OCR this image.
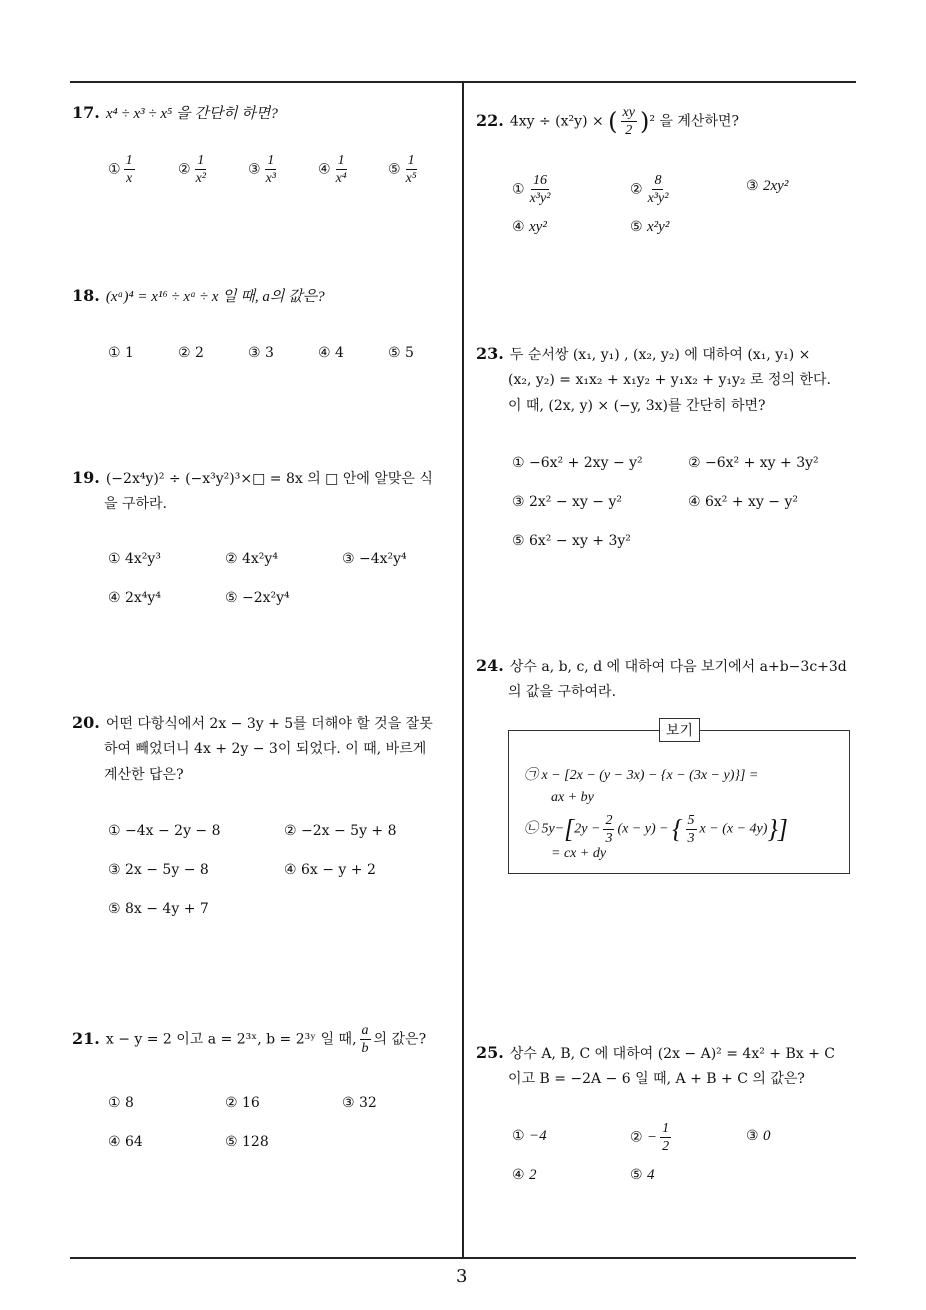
17. x⁴ ÷ x³ ÷ x⁵ 을 간단히 하면?
① $\frac{1}{x}$	② $\frac{1}{\text{x²}}$	③ $\frac{1}{\text{x³}}$	④ $\frac{1}{\text{x⁴}}$	⑤ $\frac{1}{\text{x⁵}}$
18. (xᵃ)⁴ = x¹⁶ ÷ xᵃ ÷ x 일 때, a의 값은?
① 1	② 2	③ 3	④ 4	⑤ 5
19. (−2x⁴y)² ÷ (−x³y²)³×□ = 8x 의 □ 안에 알맞은 식
을 구하라.
① 4x²y³	② 4x²y⁴	③ −4x²y⁴
④ 2x⁴y⁴	⑤ −2x²y⁴
20. 어떤 다항식에서 2x − 3y + 5를 더해야 할 것을 잘못
하여 빼었더니 4x + 2y − 3이 되었다. 이 때, 바르게
계산한 답은?
① −4x − 2y − 8	② −2x − 5y + 8
③ 2x − 5y − 8	④ 6x − y + 2
⑤ 8x − 4y + 7
21. x − y = 2 이고 a = 2³ˣ, b = 2³ʸ 일 때, $\frac{a}{b}$ 의 값은?
① 8	② 16	③ 32
④ 64	⑤ 128
22. 4xy ÷ (x²y) × ( $\frac{xy}{2} )^2$ 을 계산하면?
① $\frac{16}{\text{x³y²}}$	② $\frac{8}{\text{x³y²}}$	③ 2xy²
④ xy²	⑤ x²y²
23. 두 순서쌍 (x₁, y₁) , (x₂, y₂) 에 대하여 (x₁, y₁) ×
(x₂, y₂) = x₁x₂ + x₁y₂ + y₁x₂ + y₁y₂ 로 정의 한다.
이 때, (2x, y) × (−y, 3x)를 간단히 하면?
① −6x² + 2xy − y²	② −6x² + xy + 3y²
③ 2x² − xy − y²	④ 6x² + xy − y²
⑤ 6x² − xy + 3y²
24. 상수 a, b, c, d 에 대하여 다음 보기에서 a+b−3c+3d
의 값을 구하여라.
보기
㉠ x − [2x − (y − 3x) − {x − (3x − y)}] =
ax + by
㉡ $5y-[2y - \frac{2}{3} (x - y)$ − { $\frac{5}{3}$ x − (x − 4y)}]
= cx + dy
25. 상수 A, B, C 에 대하여 (2x − A)² = 4x² + Bx + C
이고 B = −2A − 6 일 때, A + B + C 의 값은?
① −4	② − $\frac{1}{2}$	③ 0
④ 2	⑤ 4
3
